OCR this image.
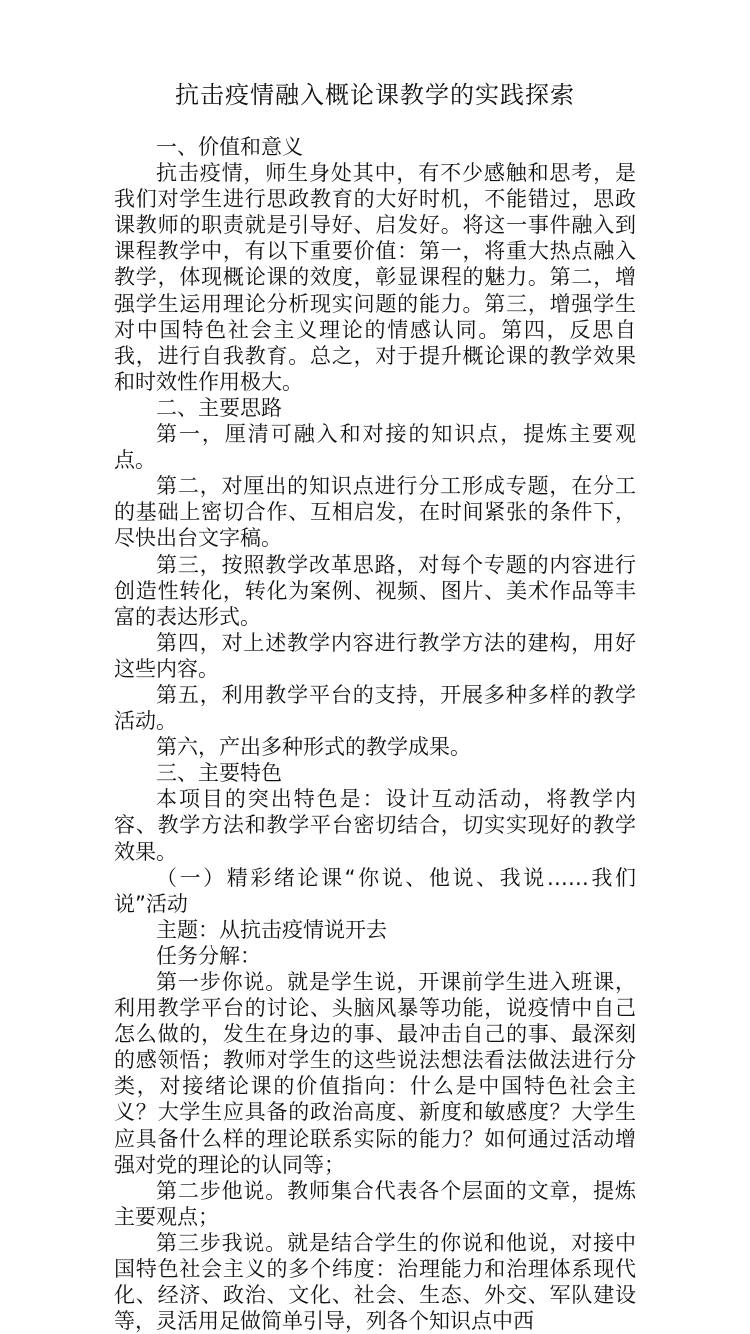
抗击疫情融入概论课教学的实践探索

一、价值和意义

抗击疫情，师生身处其中，有不少感触和思考，是我们对学生进行思政教育的大好时机，不能错过，思政课教师的职责就是引导好、启发好。将这一事件融入到课程教学中，有以下重要价值：第一，将重大热点融入教学，体现概论课的效度，彰显课程的魅力。第二，增强学生运用理论分析现实问题的能力。第三，增强学生对中国特色社会主义理论的情感认同。第四，反思自我，进行自我教育。总之，对于提升概论课的教学效果和时效性作用极大。

二、主要思路

第一，厘清可融入和对接的知识点，提炼主要观点。

第二，对厘出的知识点进行分工形成专题，在分工的基础上密切合作、互相启发，在时间紧张的条件下，尽快出台文字稿。

第三，按照教学改革思路，对每个专题的内容进行创造性转化，转化为案例、视频、图片、美术作品等丰富的表达形式。

第四，对上述教学内容进行教学方法的建构，用好这些内容。

第五，利用教学平台的支持，开展多种多样的教学活动。

第六，产出多种形式的教学成果。

三、主要特色

本项目的突出特色是：设计互动活动，将教学内容、教学方法和教学平台密切结合，切实实现好的教学效果。

（一）精彩绪论课“你说、他说、我说……我们说”活动

主题：从抗击疫情说开去

任务分解：

第一步你说。就是学生说，开课前学生进入班课，利用教学平台的讨论、头脑风暴等功能，说疫情中自己怎么做的，发生在身边的事、最冲击自己的事、最深刻的感领悟；教师对学生的这些说法想法看法做法进行分类，对接绪论课的价值指向：什么是中国特色社会主义？大学生应具备的政治高度、新度和敏感度？大学生应具备什么样的理论联系实际的能力？如何通过活动增强对党的理论的认同等；

第二步他说。教师集合代表各个层面的文章，提炼主要观点；

第三步我说。就是结合学生的你说和他说，对接中国特色社会主义的多个纬度：治理能力和治理体系现代化、经济、政治、文化、社会、生态、外交、军队建设等，灵活用足做简单引导，列各个知识点中西
